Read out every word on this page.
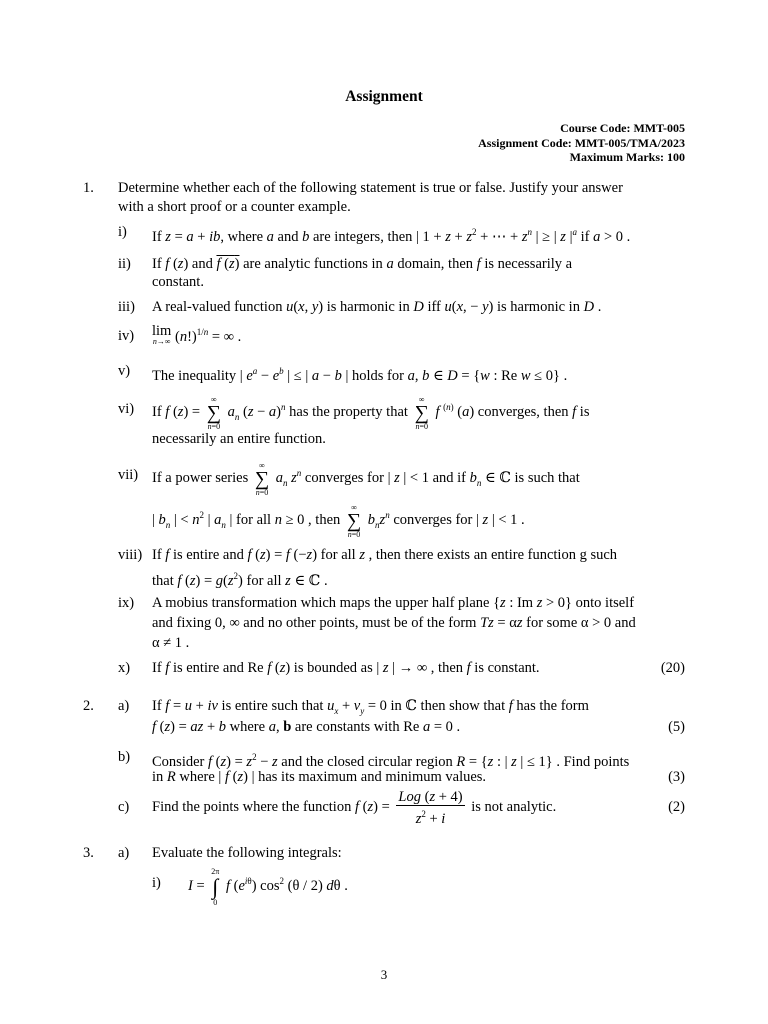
Assignment
Course Code: MMT-005
Assignment Code: MMT-005/TMA/2023
Maximum Marks: 100
1. Determine whether each of the following statement is true or false. Justify your answer
with a short proof or a counter example.
i) If z = a + ib, where a and b are integers, then | $1 + z + z^2$ + ⋯ + $z^n$ | ≥ | z $|^a$ if a > 0 .
ii) If f (z) and f (z) are analytic functions in a domain, then f is necessarily a
constant.
iii) A real-valued function u(x, y) is harmonic in D iff u(x, − y) is harmonic in D .
iv) lim
n→∞ $(n!)^{1/n}$ = ∞ .
v) The inequality | $e^a - e^b$ | ≤ | a − b | holds for a, b ∈ D = {w : Re w ≤ 0} .
vi) If f (z) =
∞
∑
n=0
$a_n$ $(z - a)^n$ has the property that
∞
∑
n=0
f $^{(n)}$ (a) converges, then f is
necessarily an entire function.
vii) If a power series
∞
∑
n=0
$a_n$ $z^n$ converges for | z | < 1 and if $b_n$ ∈ ℂ is such that
| $b_n$ | < $n^2$ | $a_n$ | for all n ≥ 0 , then
∞
∑
n=0
$b_nz^n$ converges for | z | < 1 .
viii) If f is entire and f (z) = f (−z) for all z , then there exists an entire function g such
that f $(z) = g(z^2)$ for all z ∈ ℂ .
ix) A mobius transformation which maps the upper half plane {z : Im z > 0} onto itself
and fixing 0, ∞ and no other points, must be of the form Tz = αz for some α > 0 and
α ≠ 1 .
x) If f is entire and Re f (z) is bounded as | z | → ∞ , then f is constant.	(20)
2. a) If f = u + iv is entire such that $u_x + v_y = 0$ in ℂ then show that f has the form
f (z) = az + b where a, b are constants with Re a = 0 .	(5)
b) Consider f $(z) = z^2 - z$ and the closed circular region R = {z : | z | ≤ 1} . Find points
in R where | f (z) | has its maximum and minimum values.	(3)
c) Find the points where the function f $(z) = \frac{\text{Log (z + 4)}}{z^2 + i}$ is not analytic.	(2)
3. a) Evaluate the following integrals:
i) I =
2π
∫
0
f $(e^{i\theta})$ $\cos^2 (\theta / 2)$ dθ .
3
